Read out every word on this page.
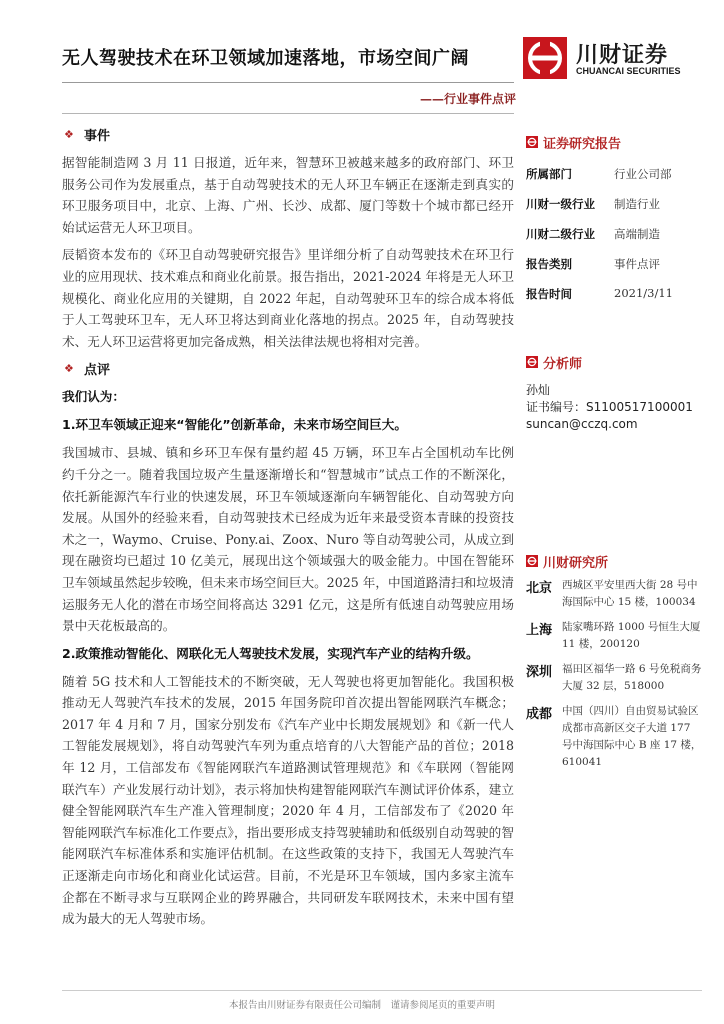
无人驾驶技术在环卫领域加速落地，市场空间广阔
——行业事件点评
川财证券
CHUANCAI SECURITIES
❖ 事件

据智能制造网 3 月 11 日报道，近年来，智慧环卫被越来越多的政府部门、环卫服务公司作为发展重点，基于自动驾驶技术的无人环卫车辆正在逐渐走到真实的环卫服务项目中，北京、上海、广州、长沙、成都、厦门等数十个城市都已经开始试运营无人环卫项目。

辰韬资本发布的《环卫自动驾驶研究报告》里详细分析了自动驾驶技术在环卫行业的应用现状、技术难点和商业化前景。报告指出，2021-2024 年将是无人环卫规模化、商业化应用的关键期，自 2022 年起，自动驾驶环卫车的综合成本将低于人工驾驶环卫车，无人环卫将达到商业化落地的拐点。2025 年，自动驾驶技术、无人环卫运营将更加完备成熟，相关法律法规也将相对完善。

❖ 点评
我们认为：
1.环卫车领域正迎来“智能化”创新革命，未来市场空间巨大。

我国城市、县城、镇和乡环卫车保有量约超 45 万辆，环卫车占全国机动车比例约千分之一。随着我国垃圾产生量逐渐增长和“智慧城市”试点工作的不断深化，依托新能源汽车行业的快速发展，环卫车领域逐渐向车辆智能化、自动驾驶方向发展。从国外的经验来看，自动驾驶技术已经成为近年来最受资本青睐的投资技术之一，Waymo、Cruise、Pony.ai、Zoox、Nuro 等自动驾驶公司，从成立到现在融资均已超过 10 亿美元，展现出这个领域强大的吸金能力。中国在智能环卫车领域虽然起步较晚，但未来市场空间巨大。2025 年，中国道路清扫和垃圾清运服务无人化的潜在市场空间将高达 3291 亿元，这是所有低速自动驾驶应用场景中天花板最高的。

2.政策推动智能化、网联化无人驾驶技术发展，实现汽车产业的结构升级。

随着 5G 技术和人工智能技术的不断突破，无人驾驶也将更加智能化。我国积极推动无人驾驶汽车技术的发展，2015 年国务院印首次提出智能网联汽车概念；2017 年 4 月和 7 月，国家分别发布《汽车产业中长期发展规划》和《新一代人工智能发展规划》，将自动驾驶汽车列为重点培育的八大智能产品的首位；2018 年 12 月，工信部发布《智能网联汽车道路测试管理规范》和《车联网（智能网联汽车）产业发展行动计划》，表示将加快构建智能网联汽车测试评价体系，建立健全智能网联汽车生产准入管理制度；2020 年 4 月，工信部发布了《2020 年智能网联汽车标准化工作要点》，指出要形成支持驾驶辅助和低级别自动驾驶的智能网联汽车标准体系和实施评估机制。在这些政策的支持下，我国无人驾驶汽车正逐渐走向市场化和商业化试运营。目前，不光是环卫车领域，国内多家主流车企都在不断寻求与互联网企业的跨界融合，共同研发车联网技术，未来中国有望成为最大的无人驾驶市场。

证券研究报告
所属部门	行业公司部
川财一级行业 制造行业
川财二级行业 高端制造
报告类别	事件点评
报告时间	2021/3/11
分析师
孙灿
证书编号：S1100517100001
suncan@cczq.com
川财研究所
北京 西城区平安里西大街 28 号中海国际中心 15 楼，100034
上海 陆家嘴环路 1000 号恒生大厦 11 楼，200120
深圳 福田区福华一路 6 号免税商务大厦 32 层，518000
成都 中国（四川）自由贸易试验区成都市高新区交子大道 177 号中海国际中心 B 座 17 楼，610041
本报告由川财证券有限责任公司编制　谨请参阅尾页的重要声明
